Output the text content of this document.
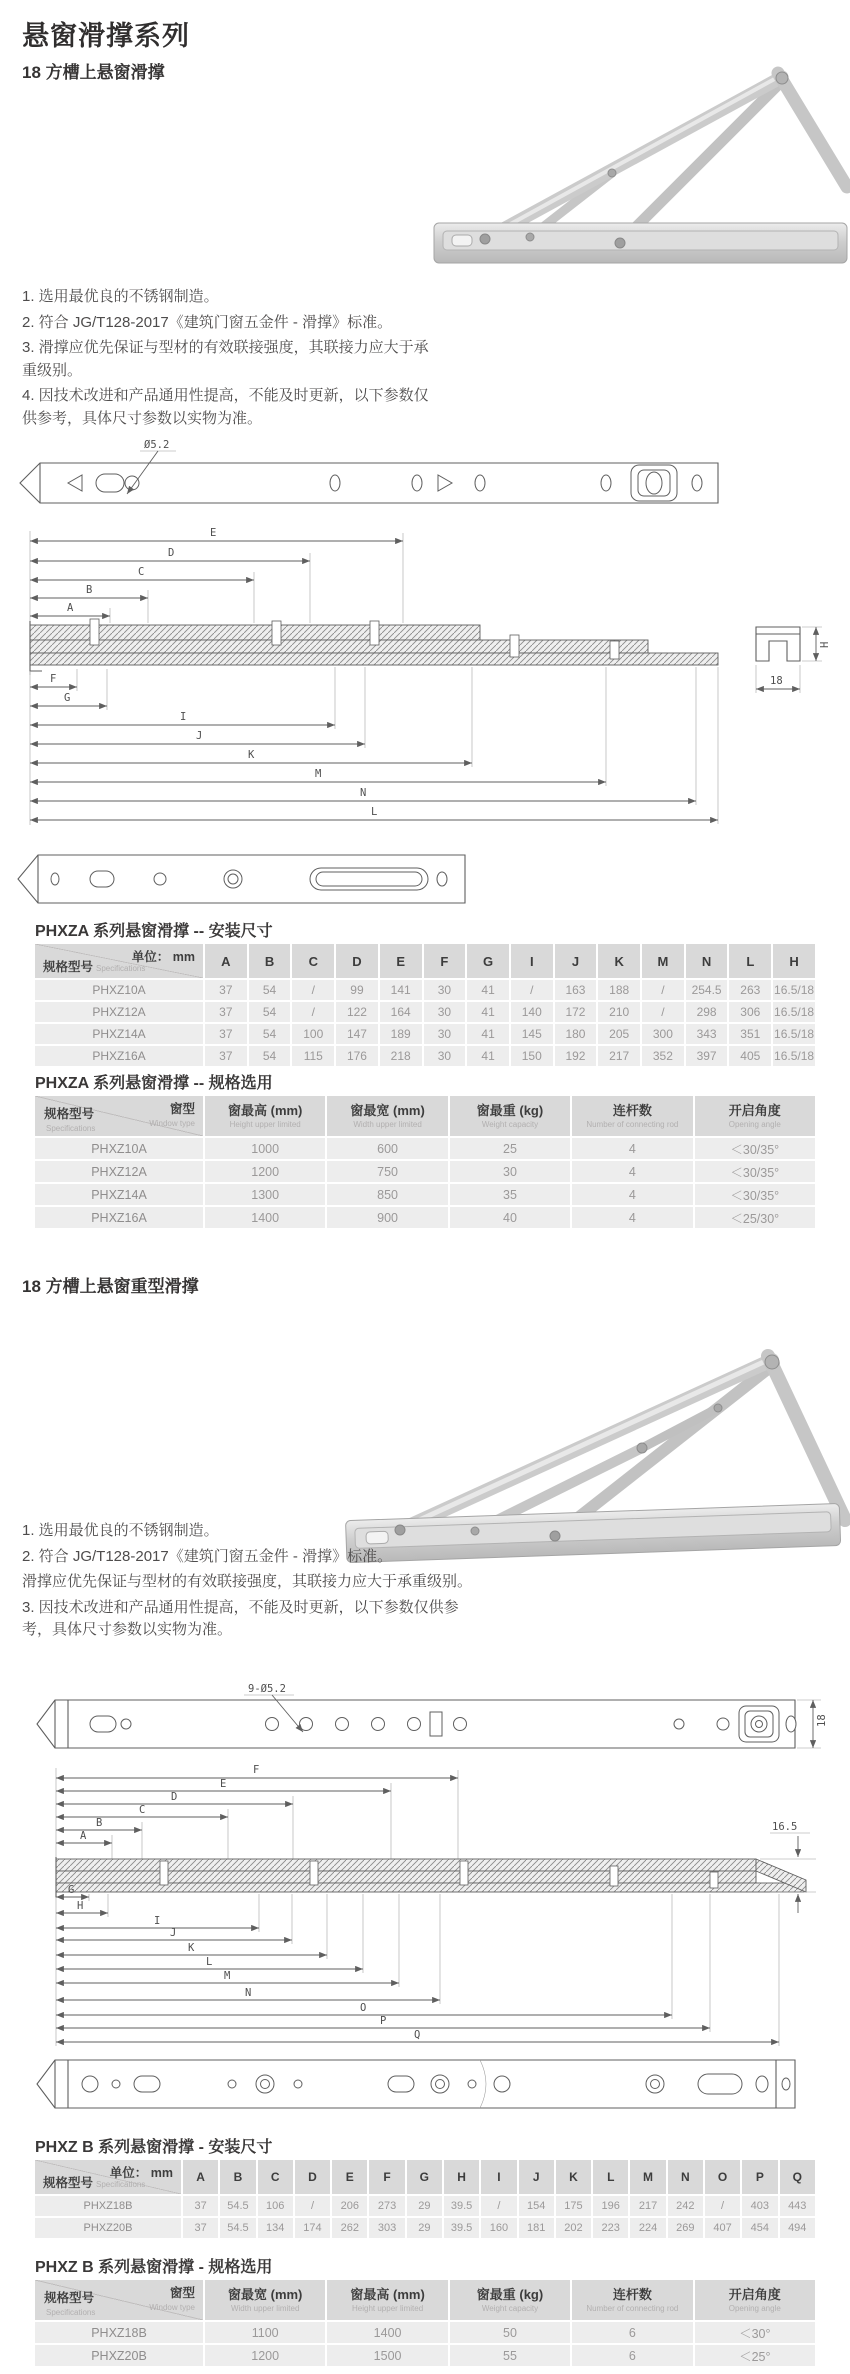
悬窗滑撑系列
18 方槽上悬窗滑撑

1. 选用最优良的不锈钢制造。

2. 符合 JG/T128-2017《建筑门窗五金件 - 滑撑》标准。

3. 滑撑应优先保证与型材的有效联接强度，其联接力应大于承重级别。

4. 因技术改进和产品通用性提高，不能及时更新，以下参数仅供参考，具体尺寸参数以实物为准。

Ø5.2
E
D
C
B
A
H
18
F
G
I
J
K
M
N
L
PHXZA 系列悬窗滑撑 -- 安装尺寸
单位： mm
规格型号 Specifications	A	B	C	D	E	F	G	I	J	K	M	N	L	H
PHXZ10A	37	54	/	99	141	30	41	/	163	188	/	254.5	263	16.5/18
PHXZ12A	37	54	/	122	164	30	41	140	172	210	/	298	306	16.5/18
PHXZ14A	37	54	100	147	189	30	41	145	180	205	300	343	351	16.5/18
PHXZ16A	37	54	115	176	218	30	41	150	192	217	352	397	405	16.5/18
PHXZA 系列悬窗滑撑 -- 规格选用
窗型
Window type
规格型号
Specifications	窗最高 (mm)
Height upper limited	窗最宽 (mm)
Width upper limited	窗最重 (kg)
Weight capacity	连杆数
Number of connecting rod	开启角度
Opening angle

PHXZ10A	1000	600	25	4	＜30/35°
PHXZ12A	1200	750	30	4	＜30/35°
PHXZ14A	1300	850	35	4	＜30/35°
PHXZ16A	1400	900	40	4	＜25/30°
18 方槽上悬窗重型滑撑

1. 选用最优良的不锈钢制造。

2. 符合 JG/T128-2017《建筑门窗五金件 - 滑撑》标准。

滑撑应优先保证与型材的有效联接强度，其联接力应大于承重级别。

3. 因技术改进和产品通用性提高，不能及时更新，以下参数仅供参考，具体尺寸参数以实物为准。

9-Ø5.2
18
F
E
D
C
B
A
16.5
G
H
I
J
K
L
M
N
O
P
Q
PHXZ B 系列悬窗滑撑 - 安装尺寸
单位： mm
规格型号 Specifications	A	B	C	D	E	F	G	H	I	J	K	L	M	N	O	P	Q
PHXZ18B	37	54.5	106	/	206	273	29	39.5	/	154	175	196	217	242	/	403	443
PHXZ20B	37	54.5	134	174	262	303	29	39.5	160	181	202	223	224	269	407	454	494
PHXZ B 系列悬窗滑撑 - 规格选用
窗型
Window type
规格型号
Specifications	窗最宽 (mm)
Width upper limited	窗最高 (mm)
Height upper limited	窗最重 (kg)
Weight capacity	连杆数
Number of connecting rod	开启角度
Opening angle

PHXZ18B	1100	1400	50	6	＜30°
PHXZ20B	1200	1500	55	6	＜25°
